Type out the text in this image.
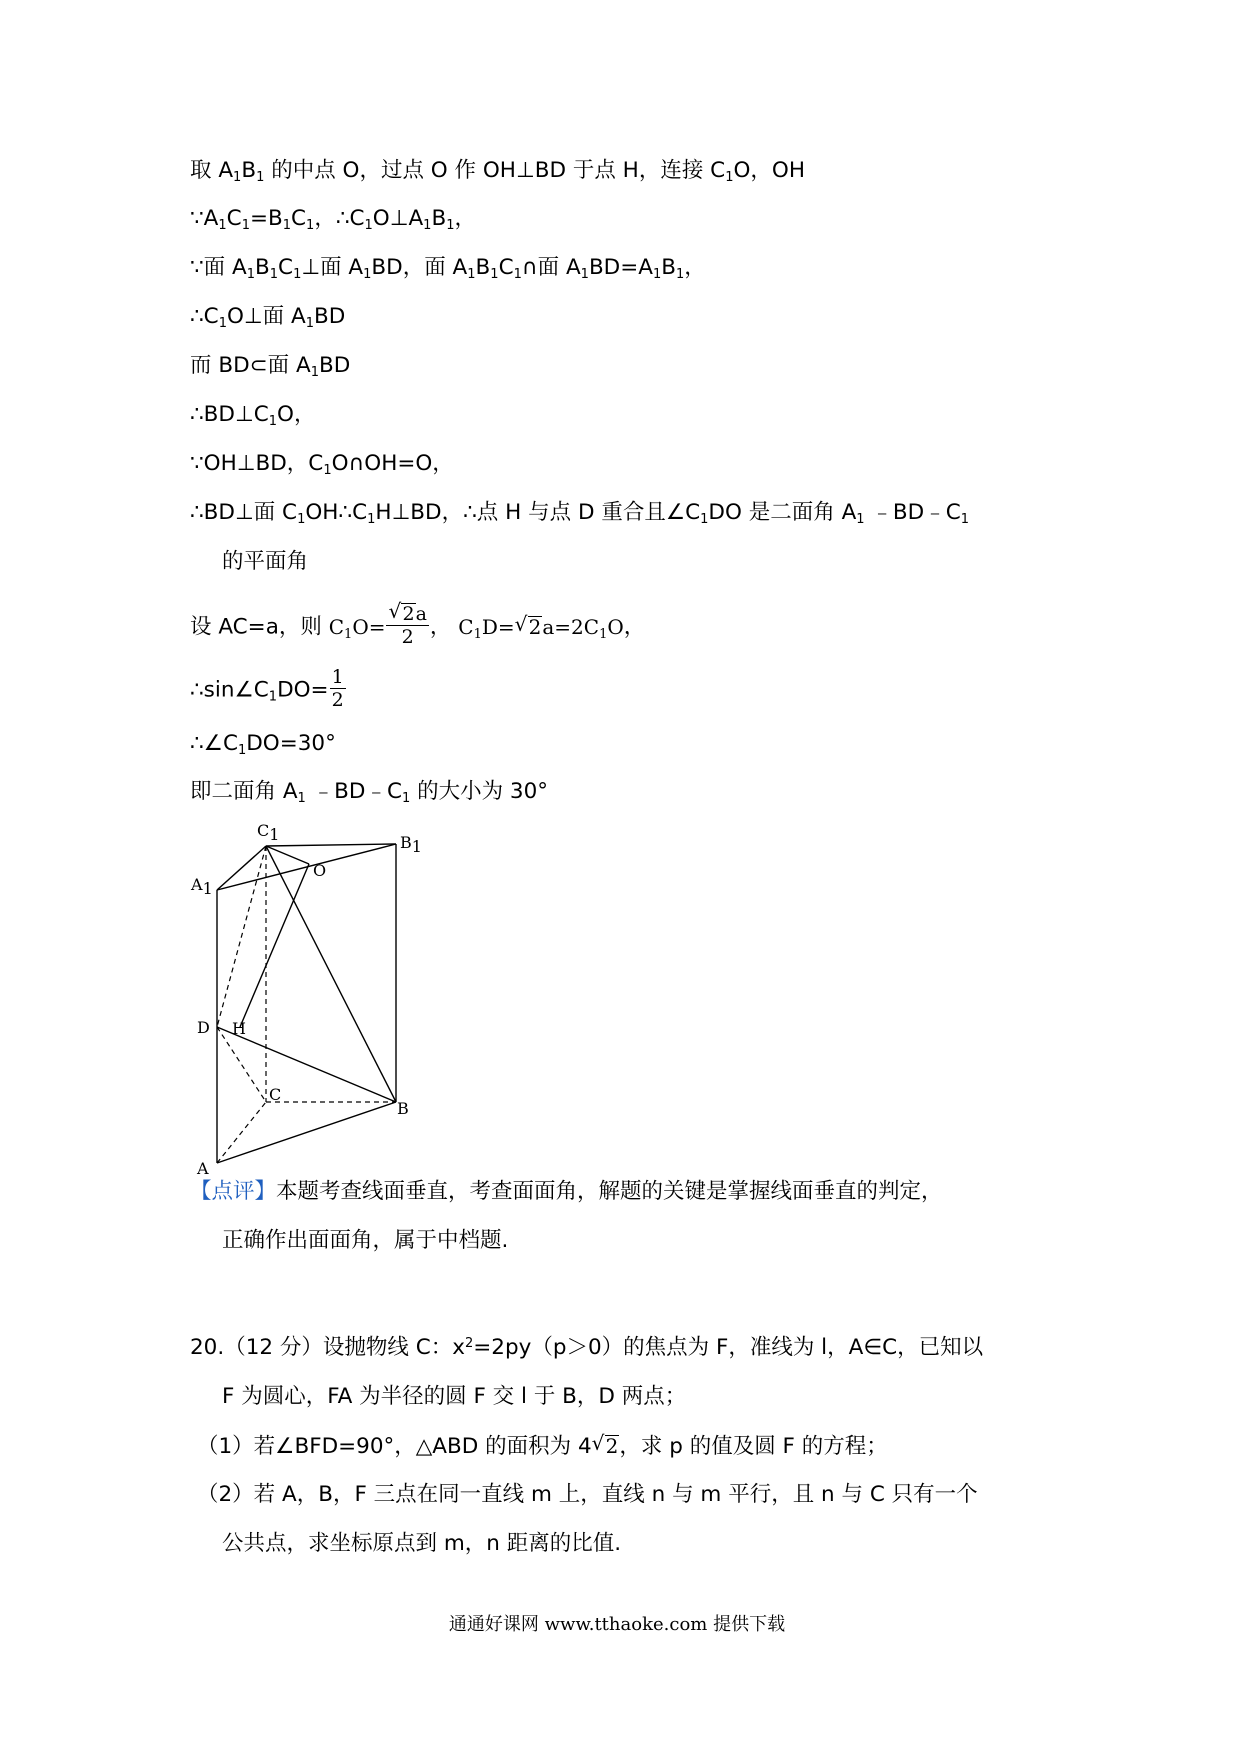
取 $A_1B_1$ 的中点 O，过点 O 作 OH⊥BD 于点 H，连接 $C_1O$，OH
$\because A_1C_1=B_1C_1$，$\therefore C_1O\perp A_1B_1$，
∵面 $A_1B_1C_1\perp$面 $A_1BD$，面 $A_1B_1C_1\cap$面 $A_1BD=A_1B_1$，
$\therefore C_1O\perp$面 $A_1BD$
而 BD⊂面 $A_1BD$
$\therefore BD\perp C_1O$，
∵OH⊥BD，$C_1O\cap OH=O$，
∴BD⊥面 $C_1OH\therefore C_1H\perp BD$，∴点 H 与点 D 重合且$\angle C_1DO$ 是二面角 $A_1$ $﹣BD﹣C_1$
的平面角
设 AC=a，则 $C_1O= \frac{√ 2a}{2}$ ， $C_1D=$ √ $2a=2C_1O$，
$\therefore\sin\angle C_1DO= \frac{1}{2}$
$\therefore\angle C_1DO=30^\circ$
即二面角 $A_1$ $﹣BD﹣C_1$ 的大小为 30°
A1
C1	B1
O
D H
C
B
A
【点评】本题考查线面垂直，考查面面角，解题的关键是掌握线面垂直的判定，
正确作出面面角，属于中档题.
20.（12 分）设抛物线 C：$x^2=2py(p>0)$的焦点为 F，准线为 l，A∈C，已知以
F 为圆心，FA 为半径的圆 F 交 l 于 B，D 两点；
（1）若∠BFD=90°，△ABD 的面积为 4 √ 2，求 p 的值及圆 F 的方程；
（2）若 A，B，F 三点在同一直线 m 上，直线 n 与 m 平行，且 n 与 C 只有一个
公共点，求坐标原点到 m，n 距离的比值.
通通好课网 www.tthaoke.com 提供下载
